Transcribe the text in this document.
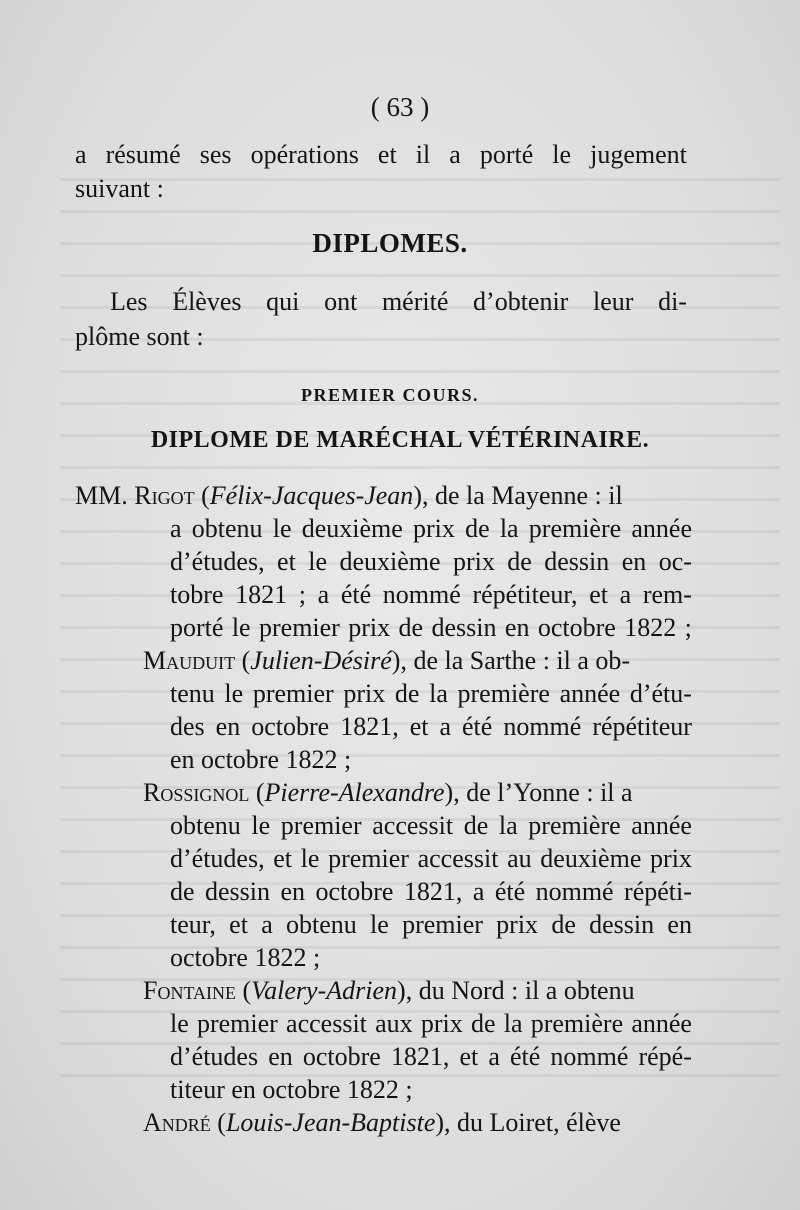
( 63 )
a résumé ses opérations et il a porté le jugement
suivant :
DIPLOMES.
Les Élèves qui ont mérité d’obtenir leur di-
plôme sont :
PREMIER COURS.
DIPLOME DE MARÉCHAL VÉTÉRINAIRE.
MM. Rigot (Félix-Jacques-Jean), de la Mayenne : il
a obtenu le deuxième prix de la première année
d’études, et le deuxième prix de dessin en oc-
tobre 1821 ; a été nommé répétiteur, et a rem-
porté le premier prix de dessin en octobre 1822 ;
Mauduit (Julien-Désiré), de la Sarthe : il a ob-
tenu le premier prix de la première année d’étu-
des en octobre 1821, et a été nommé répétiteur
en octobre 1822 ;
Rossignol (Pierre-Alexandre), de l’Yonne : il a
obtenu le premier accessit de la première année
d’études, et le premier accessit au deuxième prix
de dessin en octobre 1821, a été nommé répéti-
teur, et a obtenu le premier prix de dessin en
octobre 1822 ;
Fontaine (Valery-Adrien), du Nord : il a obtenu
le premier accessit aux prix de la première année
d’études en octobre 1821, et a été nommé répé-
titeur en octobre 1822 ;
André (Louis-Jean-Baptiste), du Loiret, élève
